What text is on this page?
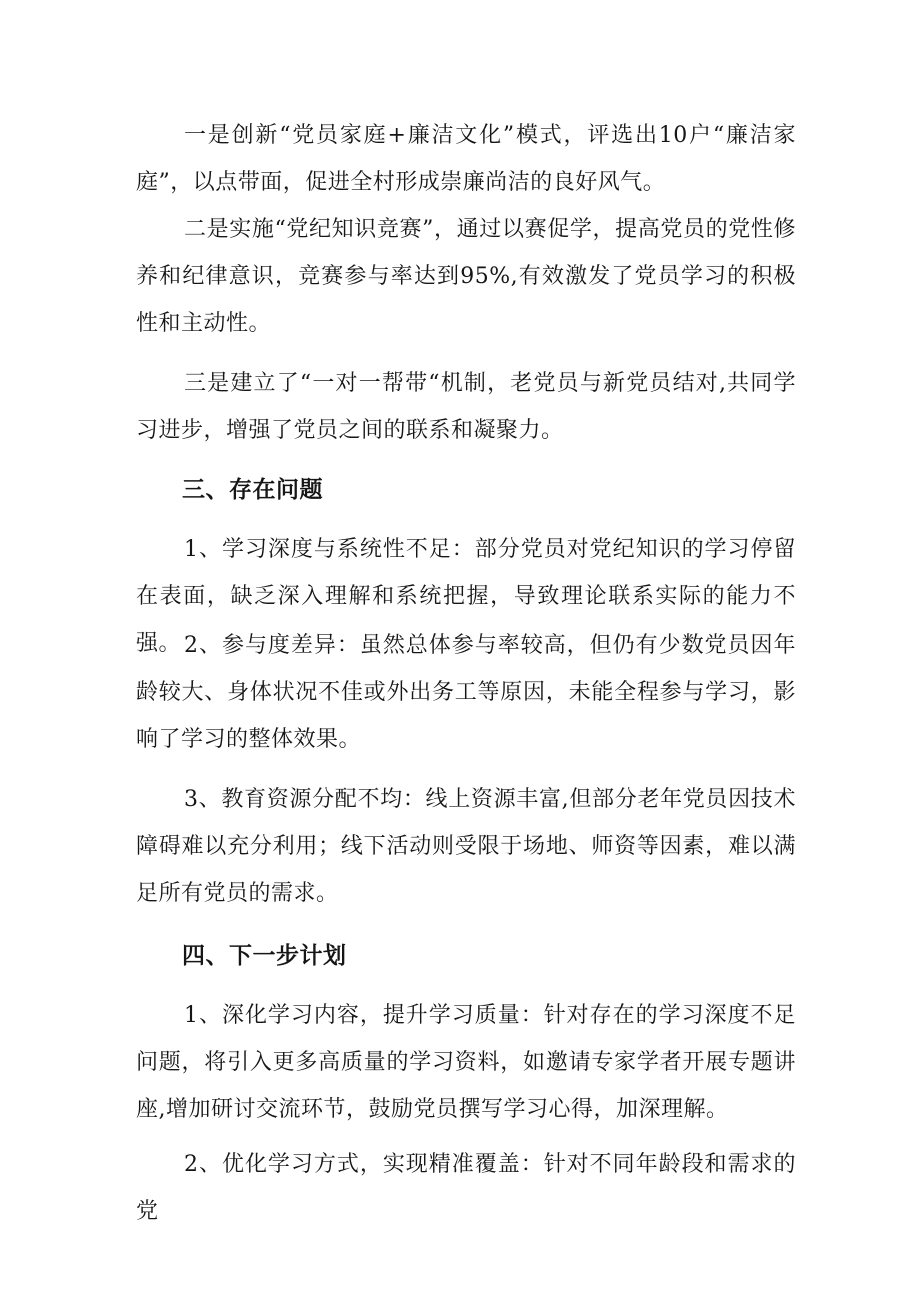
一是创新“党员家庭+廉洁文化”模式，评选出10户“廉洁家庭”，以点带面，促进全村形成崇廉尚洁的良好风气。

二是实施“党纪知识竞赛”，通过以赛促学，提高党员的党性修养和纪律意识，竞赛参与率达到95%,有效激发了党员学习的积极性和主动性。

三是建立了“一对一帮带“机制，老党员与新党员结对,共同学习进步，增强了党员之间的联系和凝聚力。

三、存在问题

1、学习深度与系统性不足：部分党员对党纪知识的学习停留在表面，缺乏深入理解和系统把握，导致理论联系实际的能力不强。 2、参与度差异：虽然总体参与率较高，但仍有少数党员因年龄较大、身体状况不佳或外出务工等原因，未能全程参与学习，影响了学习的整体效果。

3、教育资源分配不均：线上资源丰富,但部分老年党员因技术障碍难以充分利用；线下活动则受限于场地、师资等因素，难以满足所有党员的需求。

四、下一步计划

1、深化学习内容，提升学习质量：针对存在的学习深度不足问题，将引入更多高质量的学习资料，如邀请专家学者开展专题讲座,增加研讨交流环节，鼓励党员撰写学习心得，加深理解。

2、优化学习方式，实现精准覆盖：针对不同年龄段和需求的党
